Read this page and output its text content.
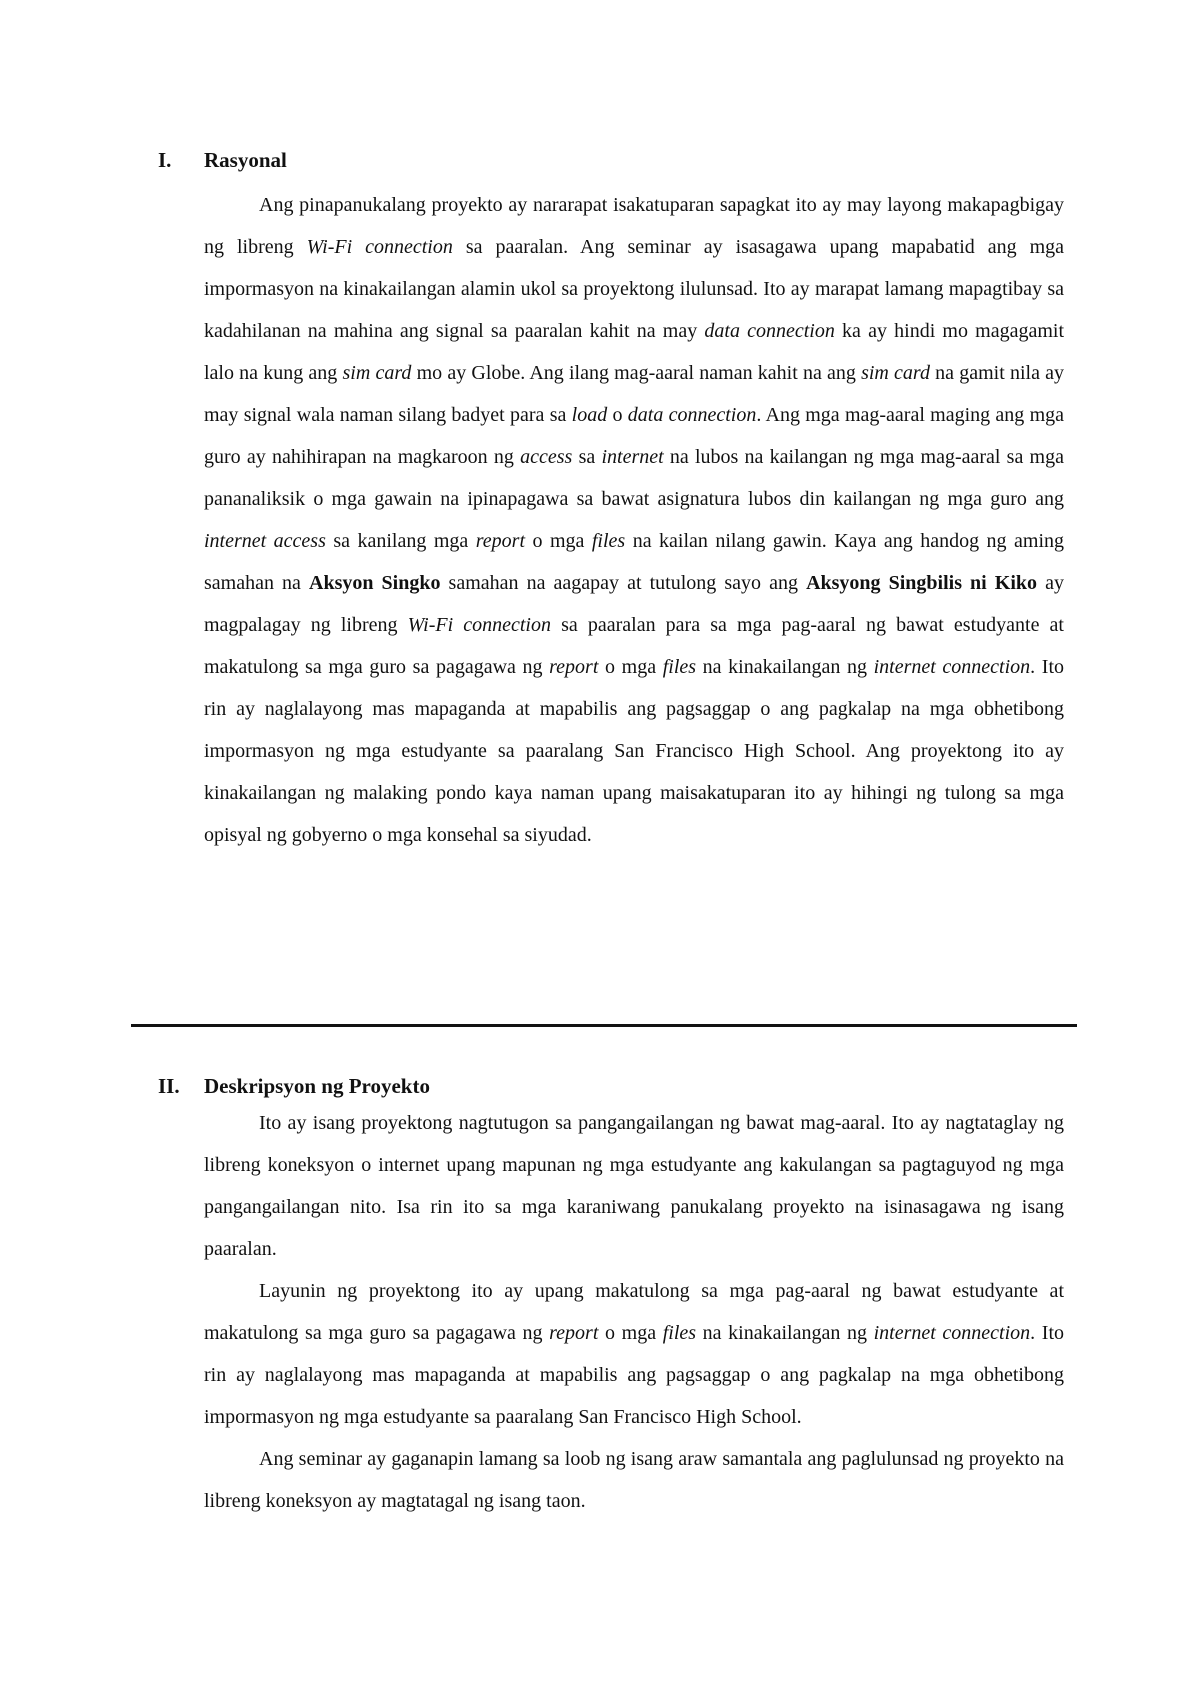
I.	Rasyonal

Ang pinapanukalang proyekto ay nararapat isakatuparan sapagkat ito ay may layong makapagbigay ng libreng Wi-Fi connection sa paaralan. Ang seminar ay isasagawa upang mapabatid ang mga impormasyon na kinakailangan alamin ukol sa proyektong ilulunsad. Ito ay marapat lamang mapagtibay sa kadahilanan na mahina ang signal sa paaralan kahit na may data connection ka ay hindi mo magagamit lalo na kung ang sim card mo ay Globe. Ang ilang mag-aaral naman kahit na ang sim card na gamit nila ay may signal wala naman silang badyet para sa load o data connection. Ang mga mag-aaral maging ang mga guro ay nahihirapan na magkaroon ng access sa internet na lubos na kailangan ng mga mag-aaral sa mga pananaliksik o mga gawain na ipinapagawa sa bawat asignatura lubos din kailangan ng mga guro ang internet access sa kanilang mga report o mga files na kailan nilang gawin. Kaya ang handog ng aming samahan na Aksyon Singko samahan na aagapay at tutulong sayo ang Aksyong Singbilis ni Kiko ay magpalagay ng libreng Wi-Fi connection sa paaralan para sa mga pag-aaral ng bawat estudyante at makatulong sa mga guro sa pagagawa ng report o mga files na kinakailangan ng internet connection. Ito rin ay naglalayong mas mapaganda at mapabilis ang pagsaggap o ang pagkalap na mga obhetibong impormasyon ng mga estudyante sa paaralang San Francisco High School. Ang proyektong ito ay kinakailangan ng malaking pondo kaya naman upang maisakatuparan ito ay hihingi ng tulong sa mga opisyal ng gobyerno o mga konsehal sa siyudad.

II.	Deskripsyon ng Proyekto

Ito ay isang proyektong nagtutugon sa pangangailangan ng bawat mag-aaral. Ito ay nagtataglay ng libreng koneksyon o internet upang mapunan ng mga estudyante ang kakulangan sa pagtaguyod ng mga pangangailangan nito. Isa rin ito sa mga karaniwang panukalang proyekto na isinasagawa ng isang paaralan.

Layunin ng proyektong ito ay upang makatulong sa mga pag-aaral ng bawat estudyante at makatulong sa mga guro sa pagagawa ng report o mga files na kinakailangan ng internet connection. Ito rin ay naglalayong mas mapaganda at mapabilis ang pagsaggap o ang pagkalap na mga obhetibong impormasyon ng mga estudyante sa paaralang San Francisco High School.

Ang seminar ay gaganapin lamang sa loob ng isang araw samantala ang paglulunsad ng proyekto na libreng koneksyon ay magtatagal ng isang taon.
